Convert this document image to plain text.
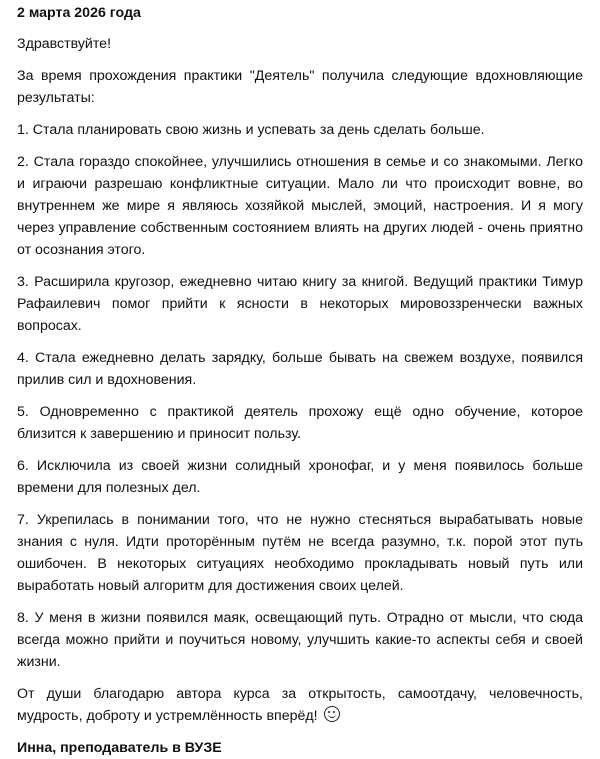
2 марта 2026 года

Здравствуйте!

За время прохождения практики "Деятель" получила следующие вдохновляющие результаты:

1. Стала планировать свою жизнь и успевать за день сделать больше.

2. Стала гораздо спокойнее, улучшились отношения в семье и со знакомыми. Легко и играючи разрешаю конфликтные ситуации. Мало ли что происходит вовне, во внутреннем же мире я являюсь хозяйкой мыслей, эмоций, настроения. И я могу через управление собственным состоянием влиять на других людей - очень приятно от осознания этого.

3. Расширила кругозор, ежедневно читаю книгу за книгой. Ведущий практики Тимур Рафаилевич помог прийти к ясности в некоторых мировоззренчески важных вопросах.

4. Стала ежедневно делать зарядку, больше бывать на свежем воздухе, появился прилив сил и вдохновения.

5. Одновременно с практикой деятель прохожу ещё одно обучение, которое близится к завершению и приносит пользу.

6. Исключила из своей жизни солидный хронофаг, и у меня появилось больше времени для полезных дел.

7. Укрепилась в понимании того, что не нужно стесняться вырабатывать новые знания с нуля. Идти проторённым путём не всегда разумно, т.к. порой этот путь ошибочен. В некоторых ситуациях необходимо прокладывать новый путь или выработать новый алгоритм для достижения своих целей.

8. У меня в жизни появился маяк, освещающий путь. Отрадно от мысли, что сюда всегда можно прийти и поучиться новому, улучшить какие-то аспекты себя и своей жизни.

От души благодарю автора курса за открытость, самоотдачу, человечность, мудрость, доброту и устремлённость вперёд!

Инна, преподаватель в ВУЗЕ
